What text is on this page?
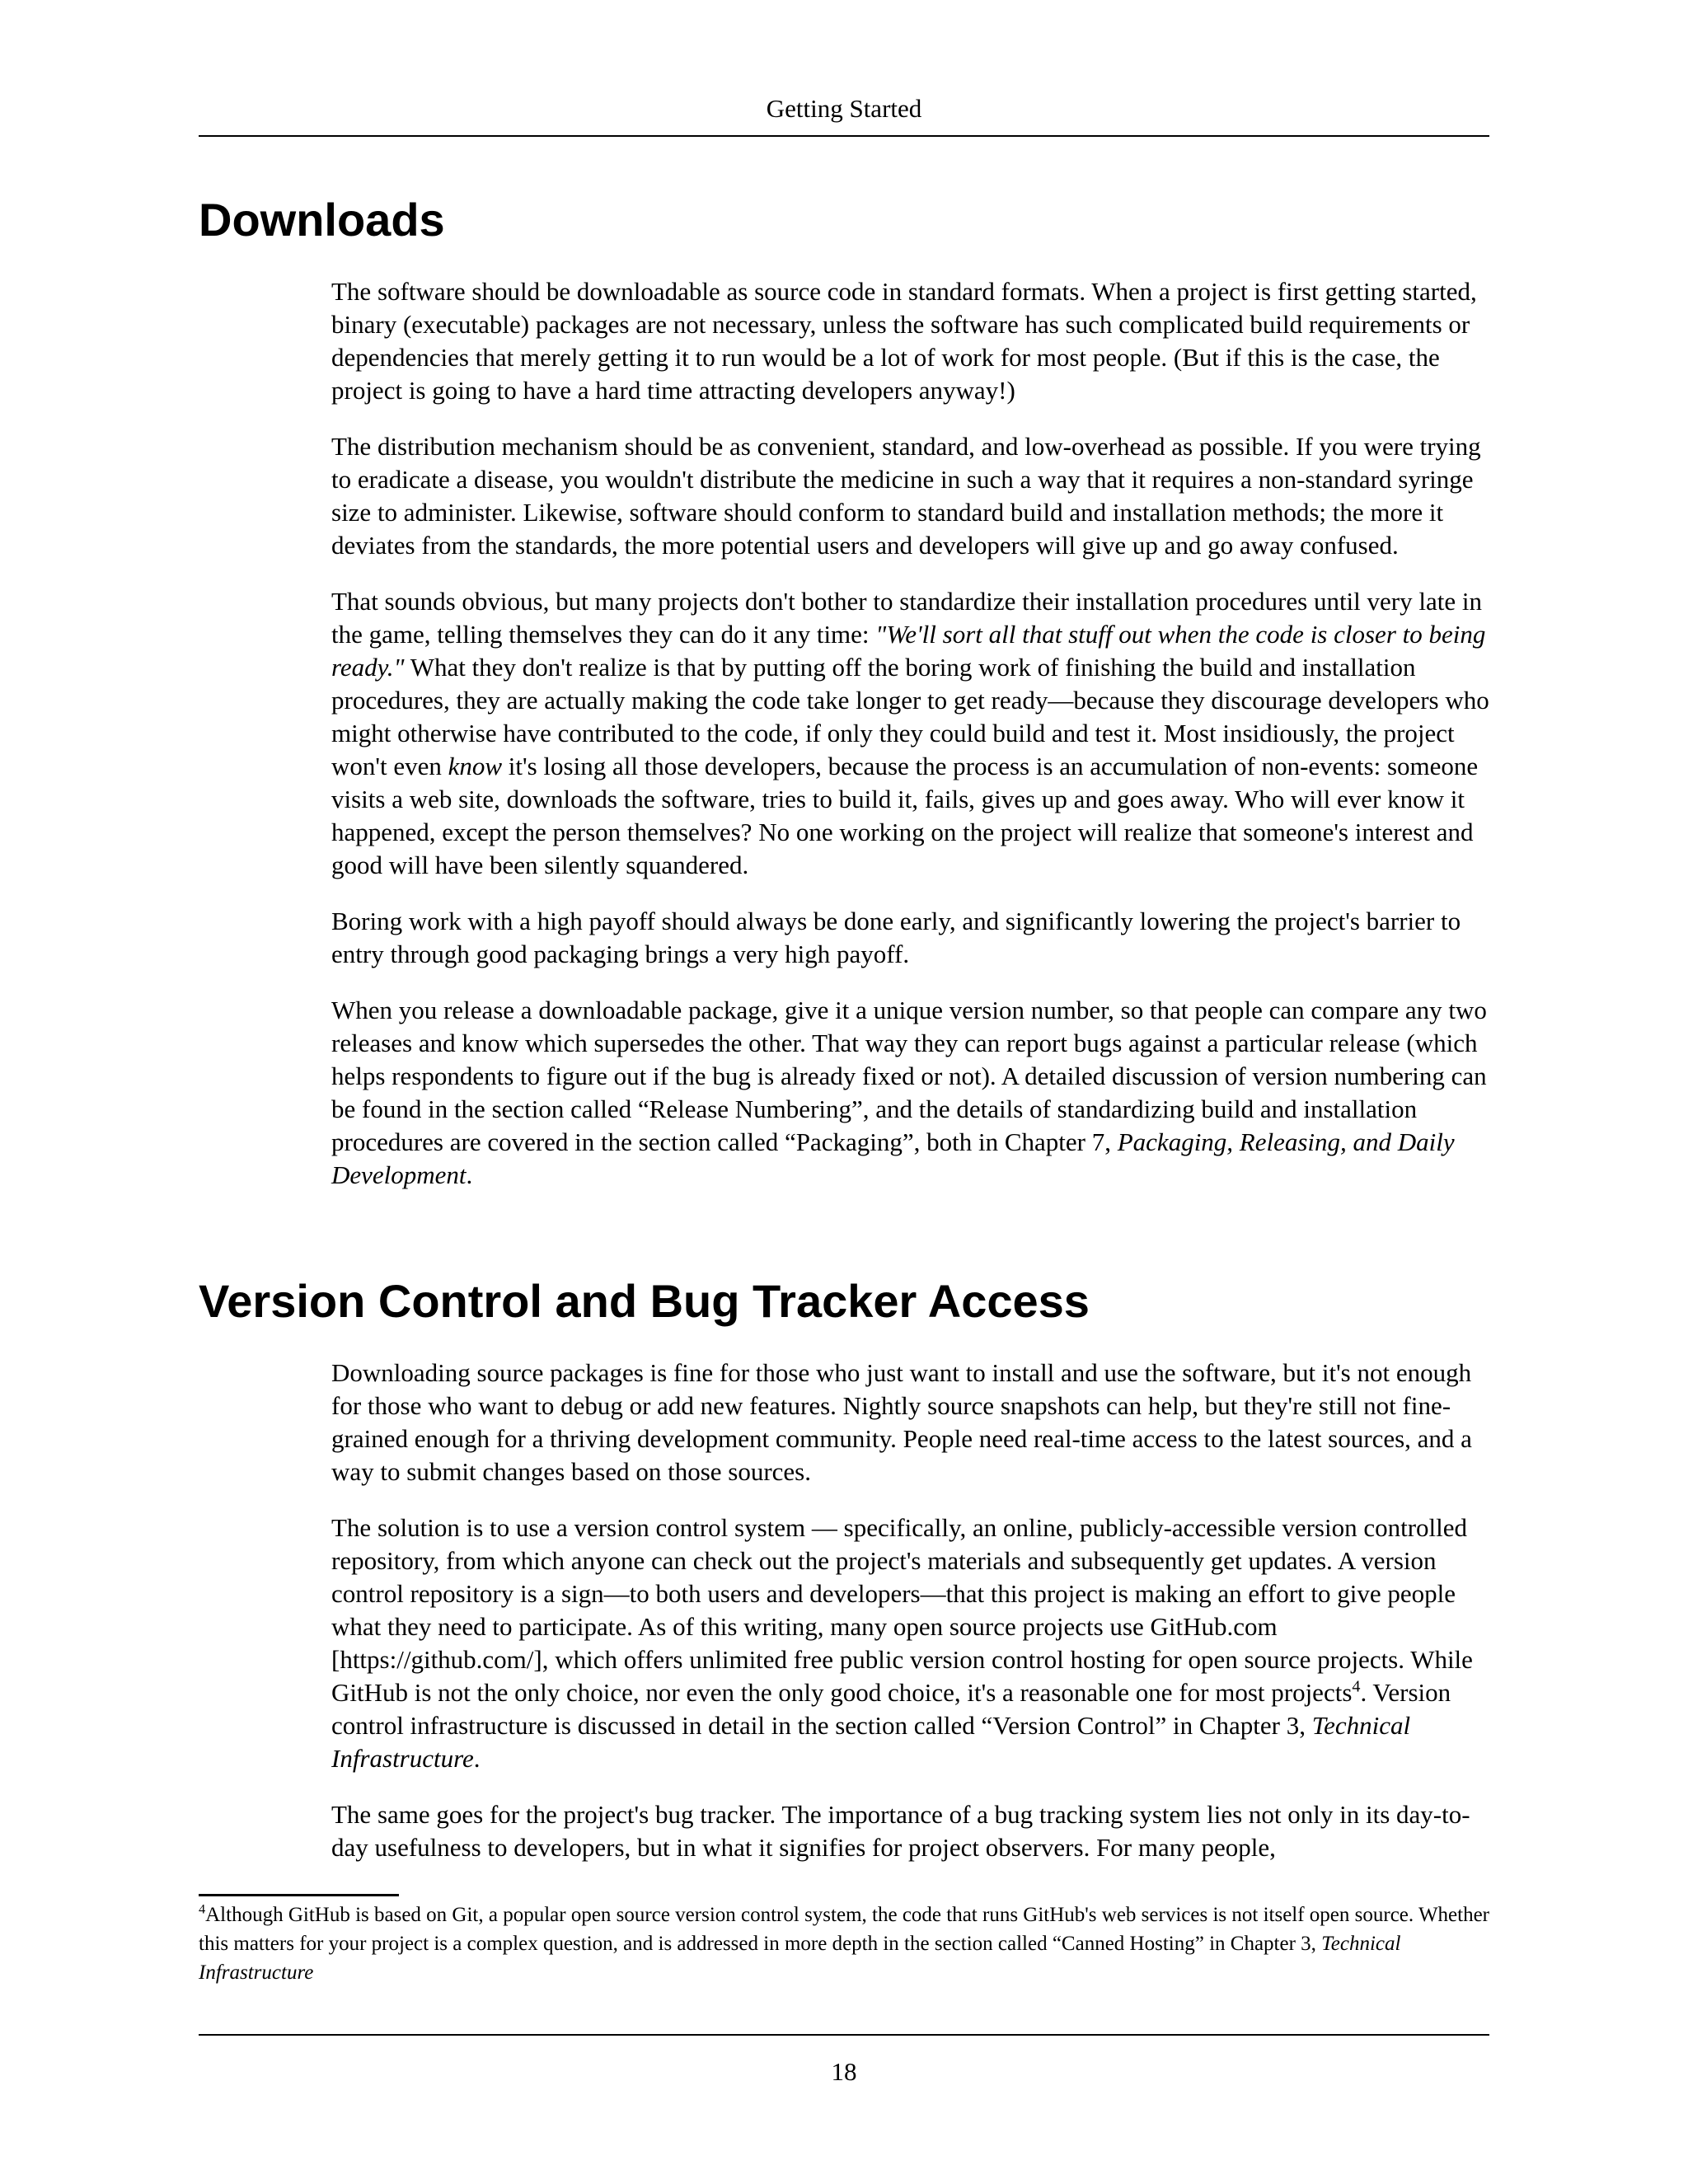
Getting Started
Downloads

The software should be downloadable as source code in standard formats. When a project is first getting started, binary (executable) packages are not necessary, unless the software has such complicated build requirements or dependencies that merely getting it to run would be a lot of work for most people. (But if this is the case, the project is going to have a hard time attracting developers anyway!)

The distribution mechanism should be as convenient, standard, and low-overhead as possible. If you were trying to eradicate a disease, you wouldn't distribute the medicine in such a way that it requires a non-standard syringe size to administer. Likewise, software should conform to standard build and installation methods; the more it deviates from the standards, the more potential users and developers will give up and go away confused.

That sounds obvious, but many projects don't bother to standardize their installation procedures until very late in the game, telling themselves they can do it any time: "We'll sort all that stuff out when the code is closer to being ready." What they don't realize is that by putting off the boring work of finishing the build and installation procedures, they are actually making the code take longer to get ready—because they discourage developers who might otherwise have contributed to the code, if only they could build and test it. Most insidiously, the project won't even know it's losing all those developers, because the process is an accumulation of non-events: someone visits a web site, downloads the software, tries to build it, fails, gives up and goes away. Who will ever know it happened, except the person themselves? No one working on the project will realize that someone's interest and good will have been silently squandered.

Boring work with a high payoff should always be done early, and significantly lowering the project's barrier to entry through good packaging brings a very high payoff.

When you release a downloadable package, give it a unique version number, so that people can compare any two releases and know which supersedes the other. That way they can report bugs against a particular release (which helps respondents to figure out if the bug is already fixed or not). A detailed discussion of version numbering can be found in the section called “Release Numbering”, and the details of standardizing build and installation procedures are covered in the section called “Packaging”, both in Chapter 7, Packaging, Releasing, and Daily Development.

Version Control and Bug Tracker Access

Downloading source packages is fine for those who just want to install and use the software, but it's not enough for those who want to debug or add new features. Nightly source snapshots can help, but they're still not fine-grained enough for a thriving development community. People need real-time access to the latest sources, and a way to submit changes based on those sources.

The solution is to use a version control system — specifically, an online, publicly-accessible version controlled repository, from which anyone can check out the project's materials and subsequently get updates. A version control repository is a sign—to both users and developers—that this project is making an effort to give people what they need to participate. As of this writing, many open source projects use GitHub.com [https://github.com/], which offers unlimited free public version control hosting for open source projects. While GitHub is not the only choice, nor even the only good choice, it's a reasonable one for most projects$^4$. Version control infrastructure is discussed in detail in the section called “Version Control” in Chapter 3, Technical Infrastructure.

The same goes for the project's bug tracker. The importance of a bug tracking system lies not only in its day-to-day usefulness to developers, but in what it signifies for project observers. For many people,

$^4$Although GitHub is based on Git, a popular open source version control system, the code that runs GitHub's web services is not itself open source. Whether this matters for your project is a complex question, and is addressed in more depth in the section called “Canned Hosting” in Chapter 3, Technical Infrastructure

18
